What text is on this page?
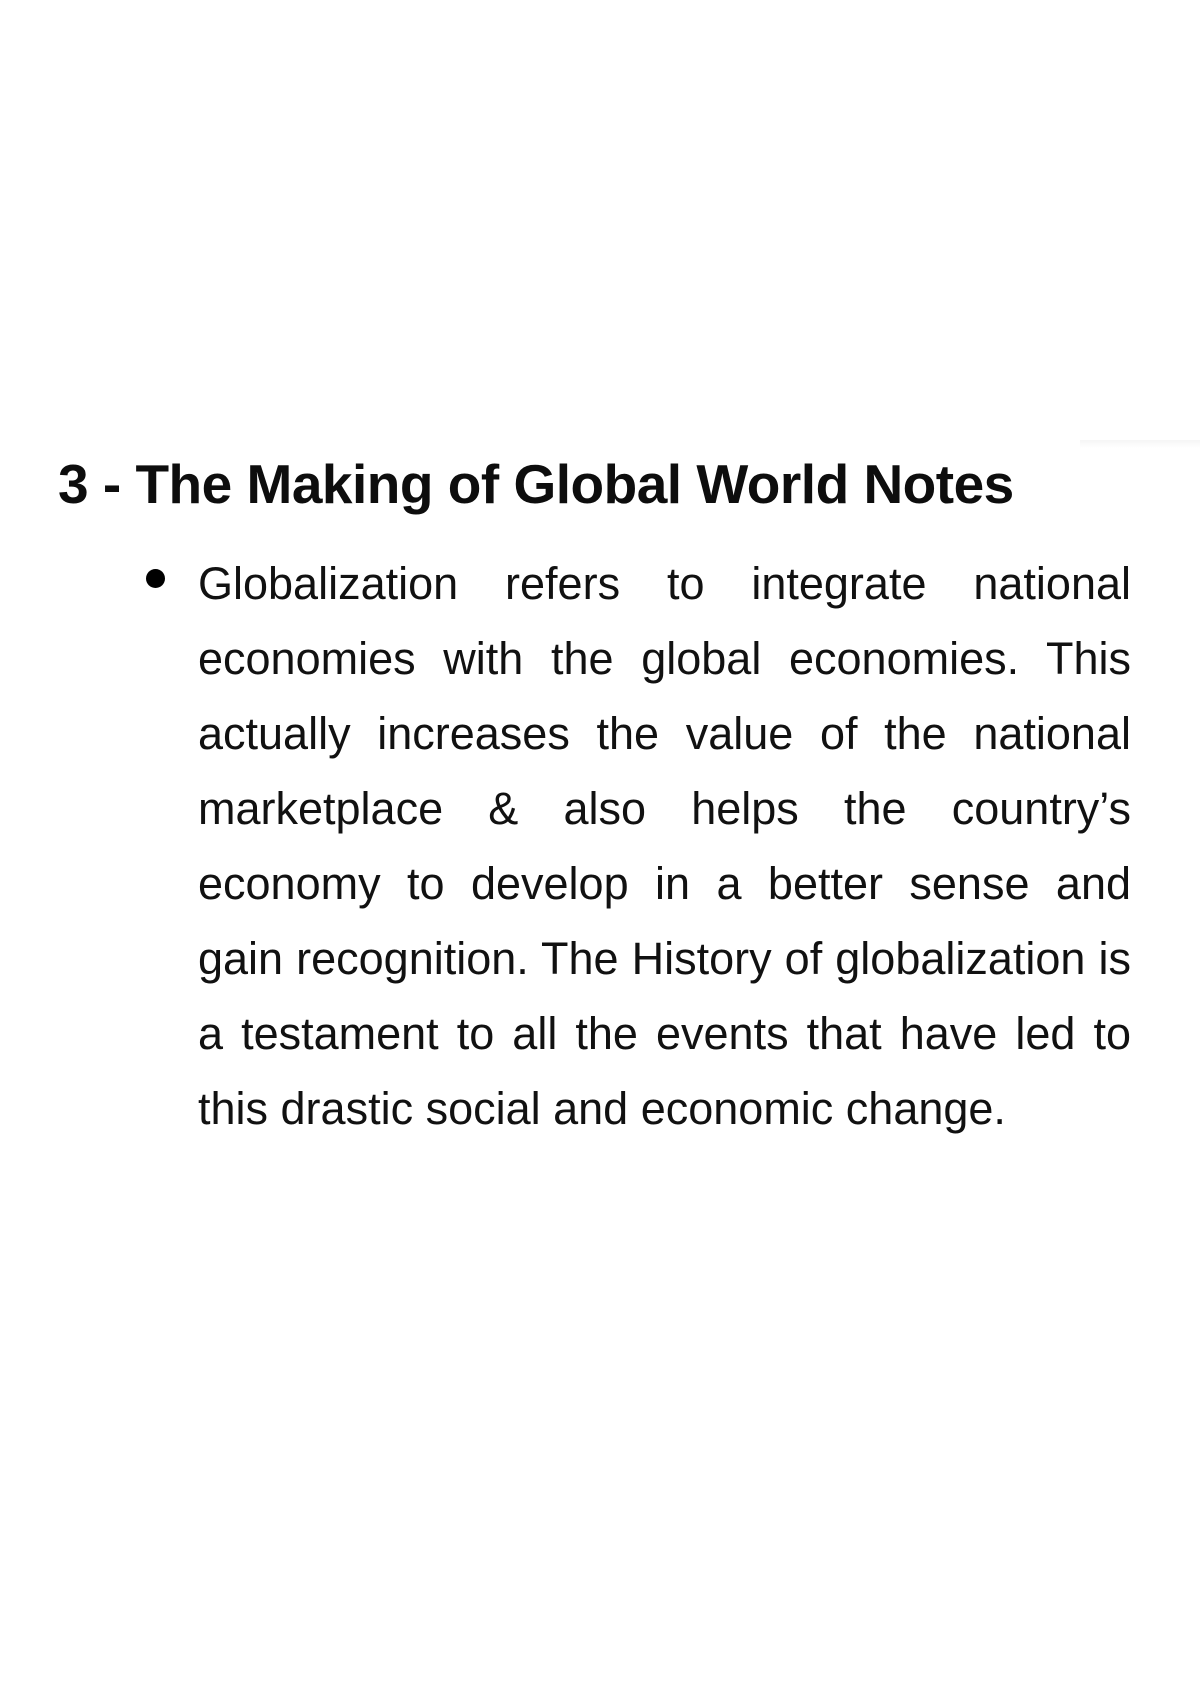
3 - The Making of Global World Notes

Globalization refers to integrate national economies with the global economies. This actually increases the value of the national marketplace & also helps the country’s economy to develop in a better sense and gain recognition. The History of globalization is a testament to all the events that have led to this drastic social and economic change.
